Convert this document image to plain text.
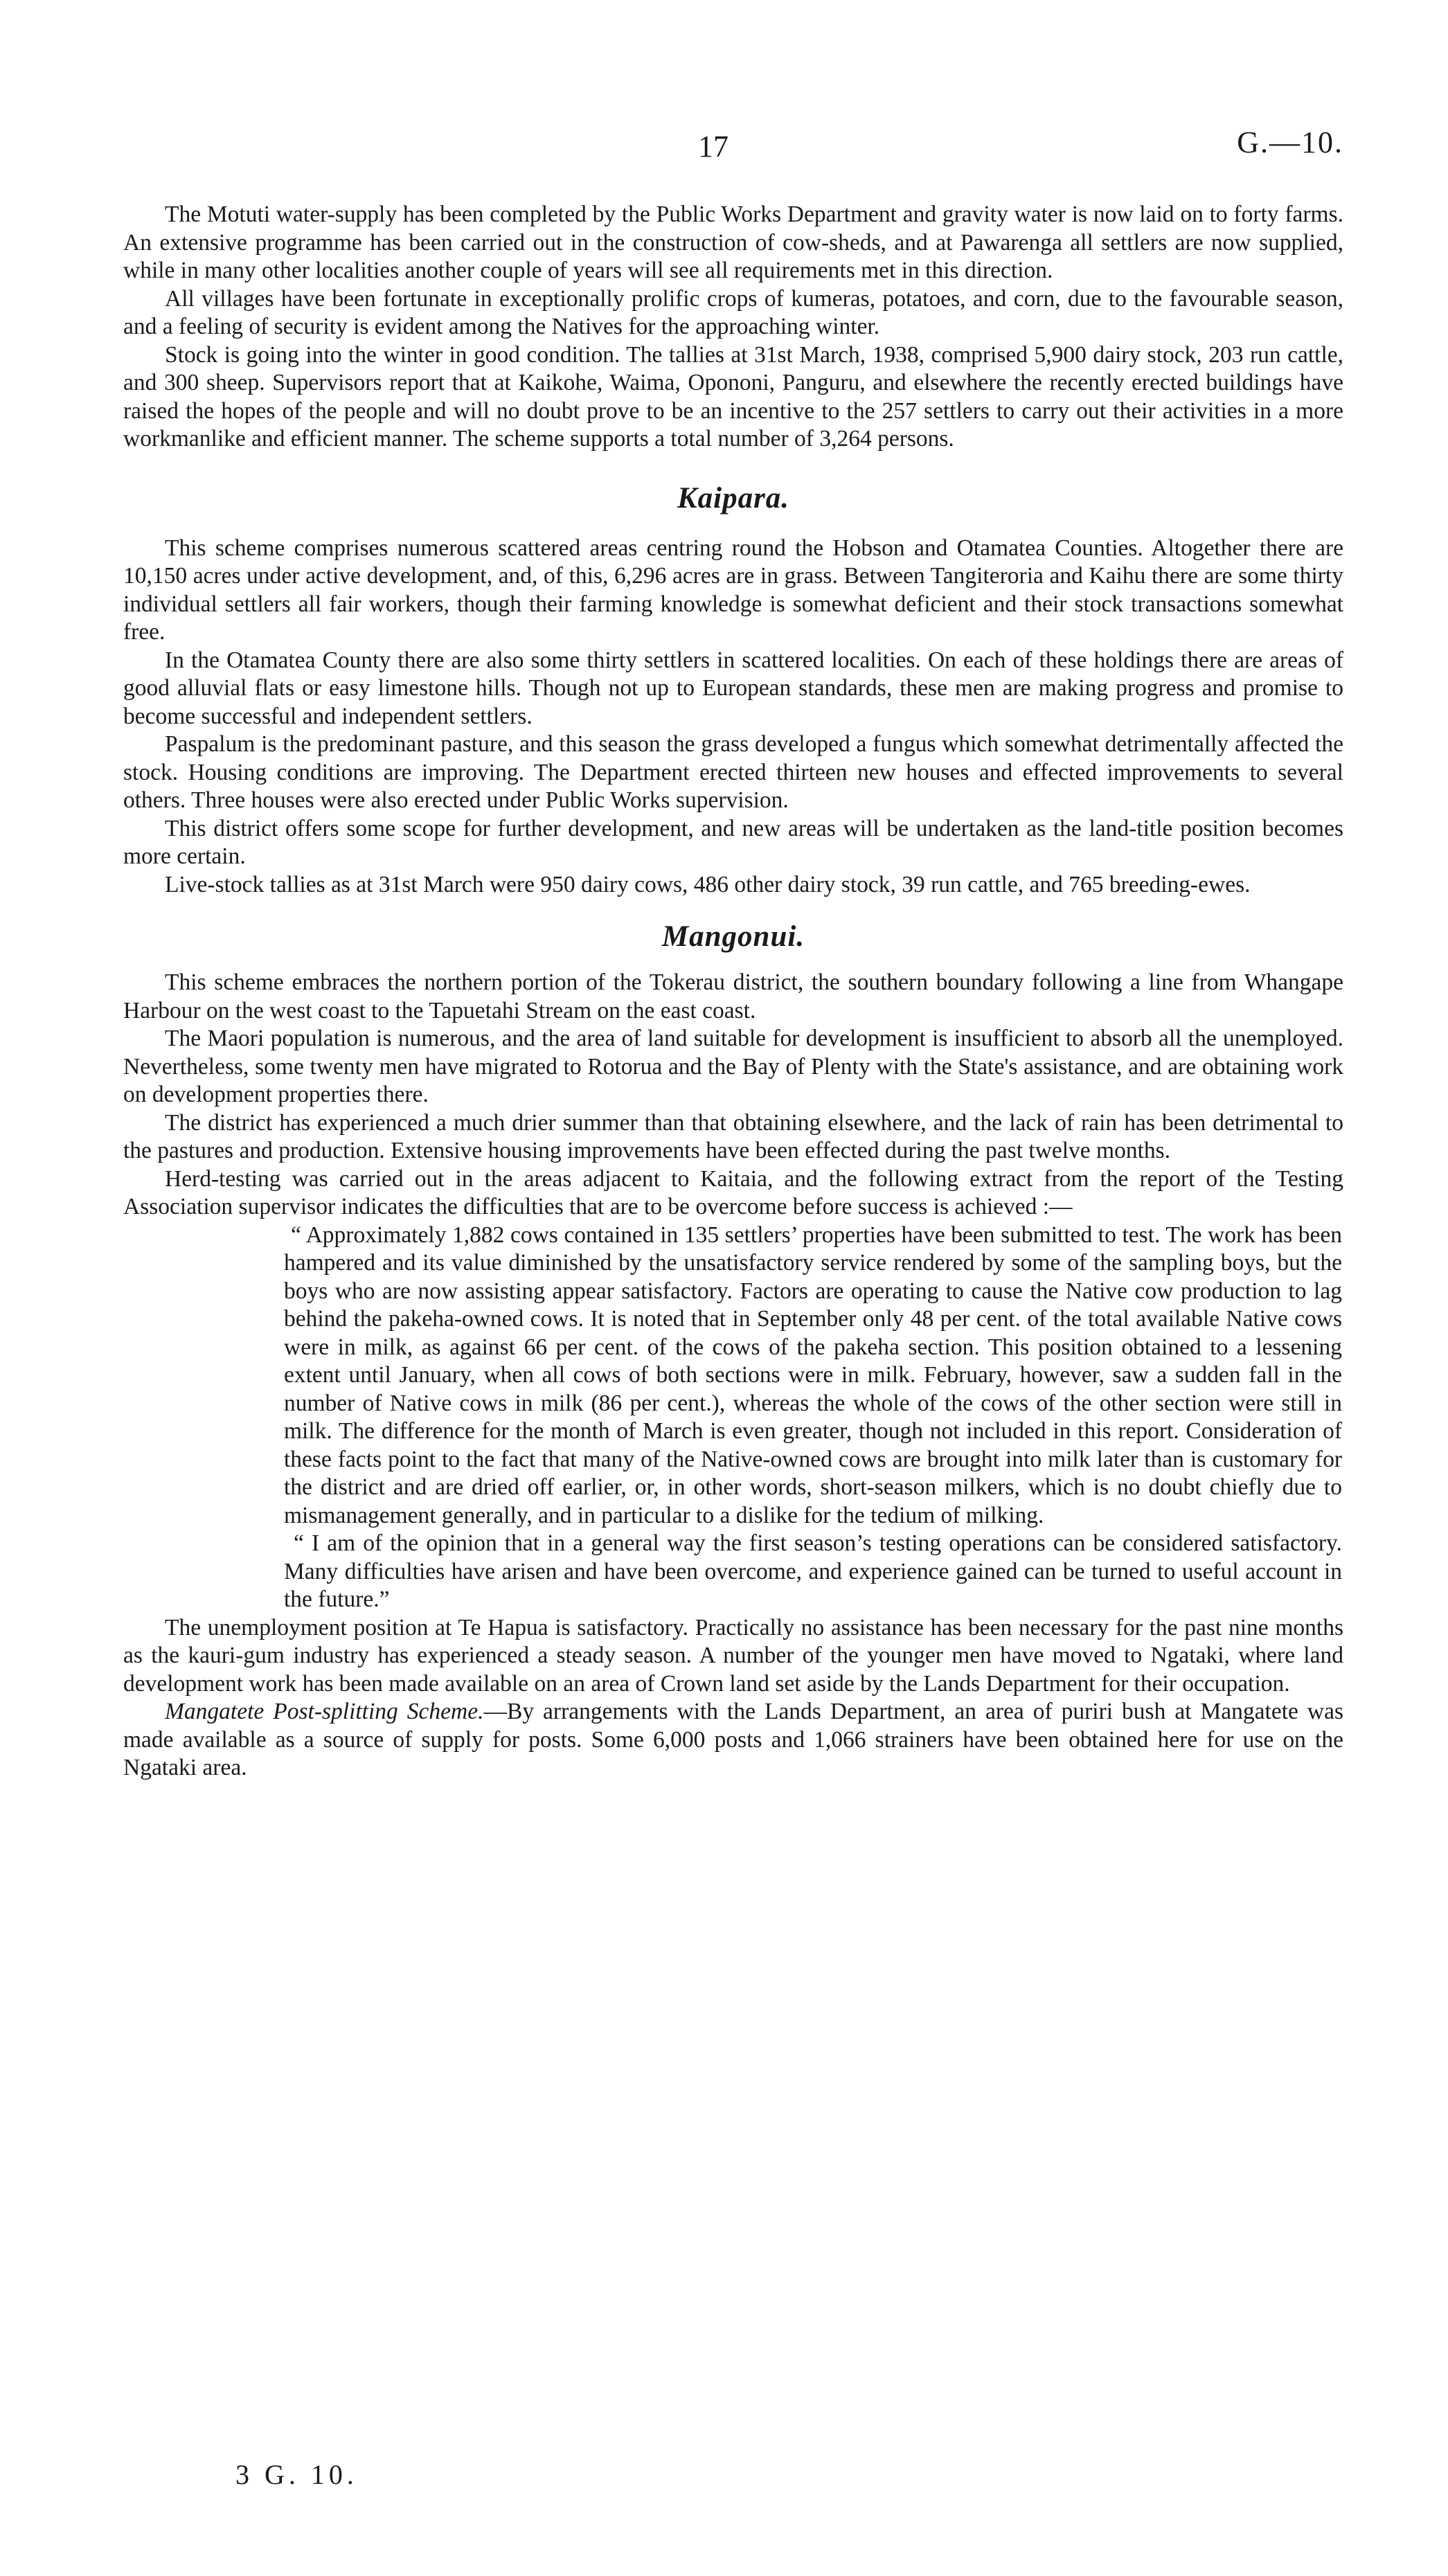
17	G.—10.

The Motuti water-supply has been completed by the Public Works Department and gravity water is now laid on to forty farms. An extensive programme has been carried out in the construction of cow-sheds, and at Pawarenga all settlers are now supplied, while in many other localities another couple of years will see all requirements met in this direction.

All villages have been fortunate in exceptionally prolific crops of kumeras, potatoes, and corn, due to the favourable season, and a feeling of security is evident among the Natives for the approaching winter.

Stock is going into the winter in good condition. The tallies at 31st March, 1938, comprised 5,900 dairy stock, 203 run cattle, and 300 sheep. Supervisors report that at Kaikohe, Waima, Opononi, Panguru, and elsewhere the recently erected buildings have raised the hopes of the people and will no doubt prove to be an incentive to the 257 settlers to carry out their activities in a more workmanlike and efficient manner. The scheme supports a total number of 3,264 persons.

Kaipara.

This scheme comprises numerous scattered areas centring round the Hobson and Otamatea Counties. Altogether there are 10,150 acres under active development, and, of this, 6,296 acres are in grass. Between Tangiteroria and Kaihu there are some thirty individual settlers all fair workers, though their farming knowledge is somewhat deficient and their stock transactions somewhat free.

In the Otamatea County there are also some thirty settlers in scattered localities. On each of these holdings there are areas of good alluvial flats or easy limestone hills. Though not up to European standards, these men are making progress and promise to become successful and independent settlers.

Paspalum is the predominant pasture, and this season the grass developed a fungus which somewhat detrimentally affected the stock. Housing conditions are improving. The Department erected thirteen new houses and effected improvements to several others. Three houses were also erected under Public Works supervision.

This district offers some scope for further development, and new areas will be undertaken as the land-title position becomes more certain.

Live-stock tallies as at 31st March were 950 dairy cows, 486 other dairy stock, 39 run cattle, and 765 breeding-ewes.

Mangonui.

This scheme embraces the northern portion of the Tokerau district, the southern boundary following a line from Whangape Harbour on the west coast to the Tapuetahi Stream on the east coast.

The Maori population is numerous, and the area of land suitable for development is insufficient to absorb all the unemployed. Nevertheless, some twenty men have migrated to Rotorua and the Bay of Plenty with the State's assistance, and are obtaining work on development properties there.

The district has experienced a much drier summer than that obtaining elsewhere, and the lack of rain has been detrimental to the pastures and production. Extensive housing improvements have been effected during the past twelve months.

Herd-testing was carried out in the areas adjacent to Kaitaia, and the following extract from the report of the Testing Association supervisor indicates the difficulties that are to be overcome before success is achieved :—

“ Approximately 1,882 cows contained in 135 settlers’ properties have been submitted to test. The work has been hampered and its value diminished by the unsatisfactory service rendered by some of the sampling boys, but the boys who are now assisting appear satisfactory. Factors are operating to cause the Native cow production to lag behind the pakeha-owned cows. It is noted that in September only 48 per cent. of the total available Native cows were in milk, as against 66 per cent. of the cows of the pakeha section. This position obtained to a lessening extent until January, when all cows of both sections were in milk. February, however, saw a sudden fall in the number of Native cows in milk (86 per cent.), whereas the whole of the cows of the other section were still in milk. The difference for the month of March is even greater, though not included in this report. Consideration of these facts point to the fact that many of the Native-owned cows are brought into milk later than is customary for the district and are dried off earlier, or, in other words, short-season milkers, which is no doubt chiefly due to mismanagement generally, and in particular to a dislike for the tedium of milking.

“ I am of the opinion that in a general way the first season’s testing operations can be considered satisfactory. Many difficulties have arisen and have been overcome, and experience gained can be turned to useful account in the future.”

The unemployment position at Te Hapua is satisfactory. Practically no assistance has been necessary for the past nine months as the kauri-gum industry has experienced a steady season. A number of the younger men have moved to Ngataki, where land development work has been made available on an area of Crown land set aside by the Lands Department for their occupation.

Mangatete Post-splitting Scheme.—By arrangements with the Lands Department, an area of puriri bush at Mangatete was made available as a source of supply for posts. Some 6,000 posts and 1,066 strainers have been obtained here for use on the Ngataki area.

3 G. 10.
